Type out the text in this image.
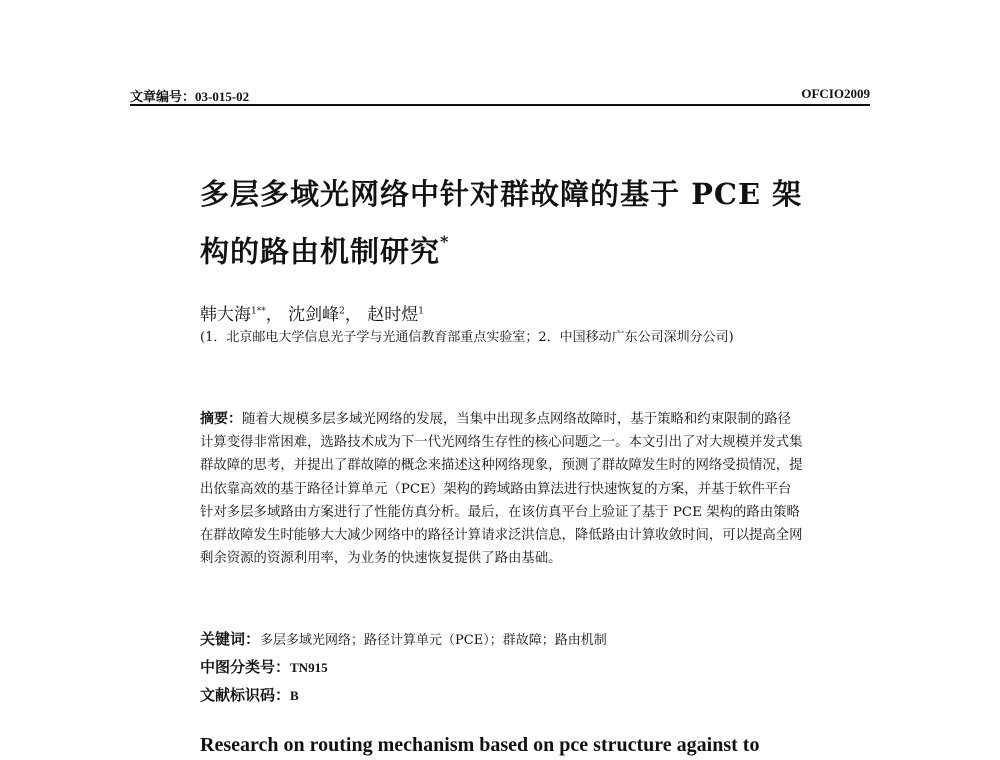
文章编号：03-015-02	OFCIO2009
多层多域光网络中针对群故障的基于 PCE 架
构的路由机制研究*
韩大海$^{1**}$， 沈剑峰$^2$， 赵时煜$^1$
(1．北京邮电大学信息光子学与光通信教育部重点实验室；2．中国移动广东公司深圳分公司)

摘要：随着大规模多层多域光网络的发展，当集中出现多点网络故障时，基于策略和约束限制的路径计算变得非常困难，选路技术成为下一代光网络生存性的核心问题之一。本文引出了对大规模并发式集群故障的思考，并提出了群故障的概念来描述这种网络现象，预测了群故障发生时的网络受损情况，提出依靠高效的基于路径计算单元（PCE）架构的跨域路由算法进行快速恢复的方案，并基于软件平台针对多层多域路由方案进行了性能仿真分析。最后，在该仿真平台上验证了基于 PCE 架构的路由策略在群故障发生时能够大大减少网络中的路径计算请求泛洪信息，降低路由计算收敛时间，可以提高全网剩余资源的资源利用率，为业务的快速恢复提供了路由基础。

关键词：多层多域光网络；路径计算单元（PCE）；群故障；路由机制
中图分类号：TN915
文献标识码：B
Research on routing mechanism based on pce structure against to
